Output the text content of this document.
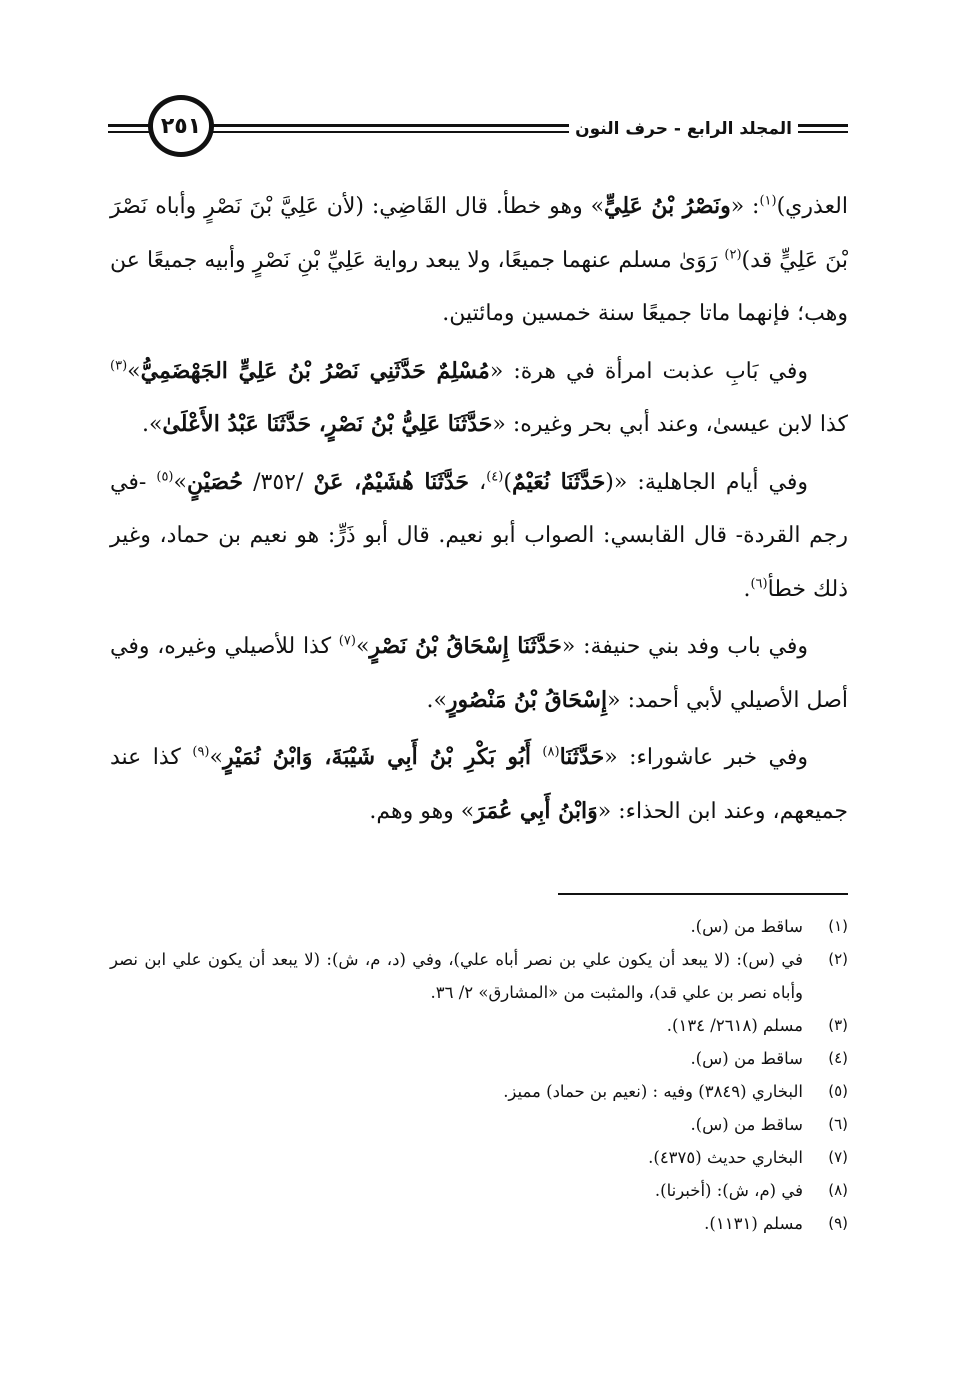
٢٥١	المجلد الرابع - حرف النون

العذري)$^{(١)}$: «ونَصْرُ بْنُ عَلِيٍّ» وهو خطأ. قال القَاضِي: (لأن عَلِيَّ بْنَ نَصْرٍ وأباه نَصْرَ بْنَ عَلِيٍّ قد)$^{(٢)}$ رَوَىٰ مسلم عنهما جميعًا، ولا يبعد رواية عَلِيِّ بْنِ نَصْرٍ وأبيه جميعًا عن وهب؛ فإنهما ماتا جميعًا سنة خمسين ومائتين.

وفي بَابِ عذبت امرأة في هرة: «مُسْلِمٌ حَدَّثَنِي نَصْرُ بْنُ عَلِيٍّ الجَهْضَمِيُّ»$^{(٣)}$ كذا لابن عيسىٰ، وعند أبي بحر وغيره: «حَدَّثَنَا عَلِيُّ بْنُ نَصْرٍ، حَدَّثَنَا عَبْدُ الأَعْلَىٰ».

وفي أيام الجاهلية: «(حَدَّثَنَا نُعَيْمٌ)$^{(٤)}$، حَدَّثَنَا هُشَيْمٌ، عَنْ /٣٥٢/ حُصَيْنٍ»$^{(٥)}$ -في رجم القردة- قال القابسي: الصواب أبو نعيم. قال أبو ذَرٍّ: هو نعيم بن حماد، وغير ذلك خطأ$^{(٦)}$.

وفي باب وفد بني حنيفة: «حَدَّثَنَا إِسْحَاقُ بْنُ نَصْرٍ»$^{(٧)}$ كذا للأصيلي وغيره، وفي أصل الأصيلي لأبي أحمد: «إِسْحَاقُ بْنُ مَنْصُورٍ».

وفي خبر عاشوراء: «حَدَّثَنَا$^{(٨)}$ أَبُو بَكْرِ بْنُ أَبِي شَيْبَةَ، وَابْنُ نُمَيْرٍ»$^{(٩)}$ كذا عند جميعهم، وعند ابن الحذاء: «وَابْنُ أَبِي عُمَرَ» وهو وهم.

(١)
ساقط من (س).
(٢)
في (س): (لا يبعد أن يكون علي بن نصر أباه علي)، وفي (د، م، ش): (لا يبعد أن يكون علي ابن نصر وأباه نصر بن علي قد)، والمثبت من «المشارق» ٢/ ٣٦.
(٣)
مسلم (٢٦١٨/ ١٣٤).
(٤)
ساقط من (س).
(٥)
البخاري (٣٨٤٩) وفيه : (نعيم بن حماد) مميز.
(٦)
ساقط من (س).
(٧)
البخاري حديث (٤٣٧٥).
(٨)
في (م، ش): (أخبرنا).
(٩)
مسلم (١١٣١).
